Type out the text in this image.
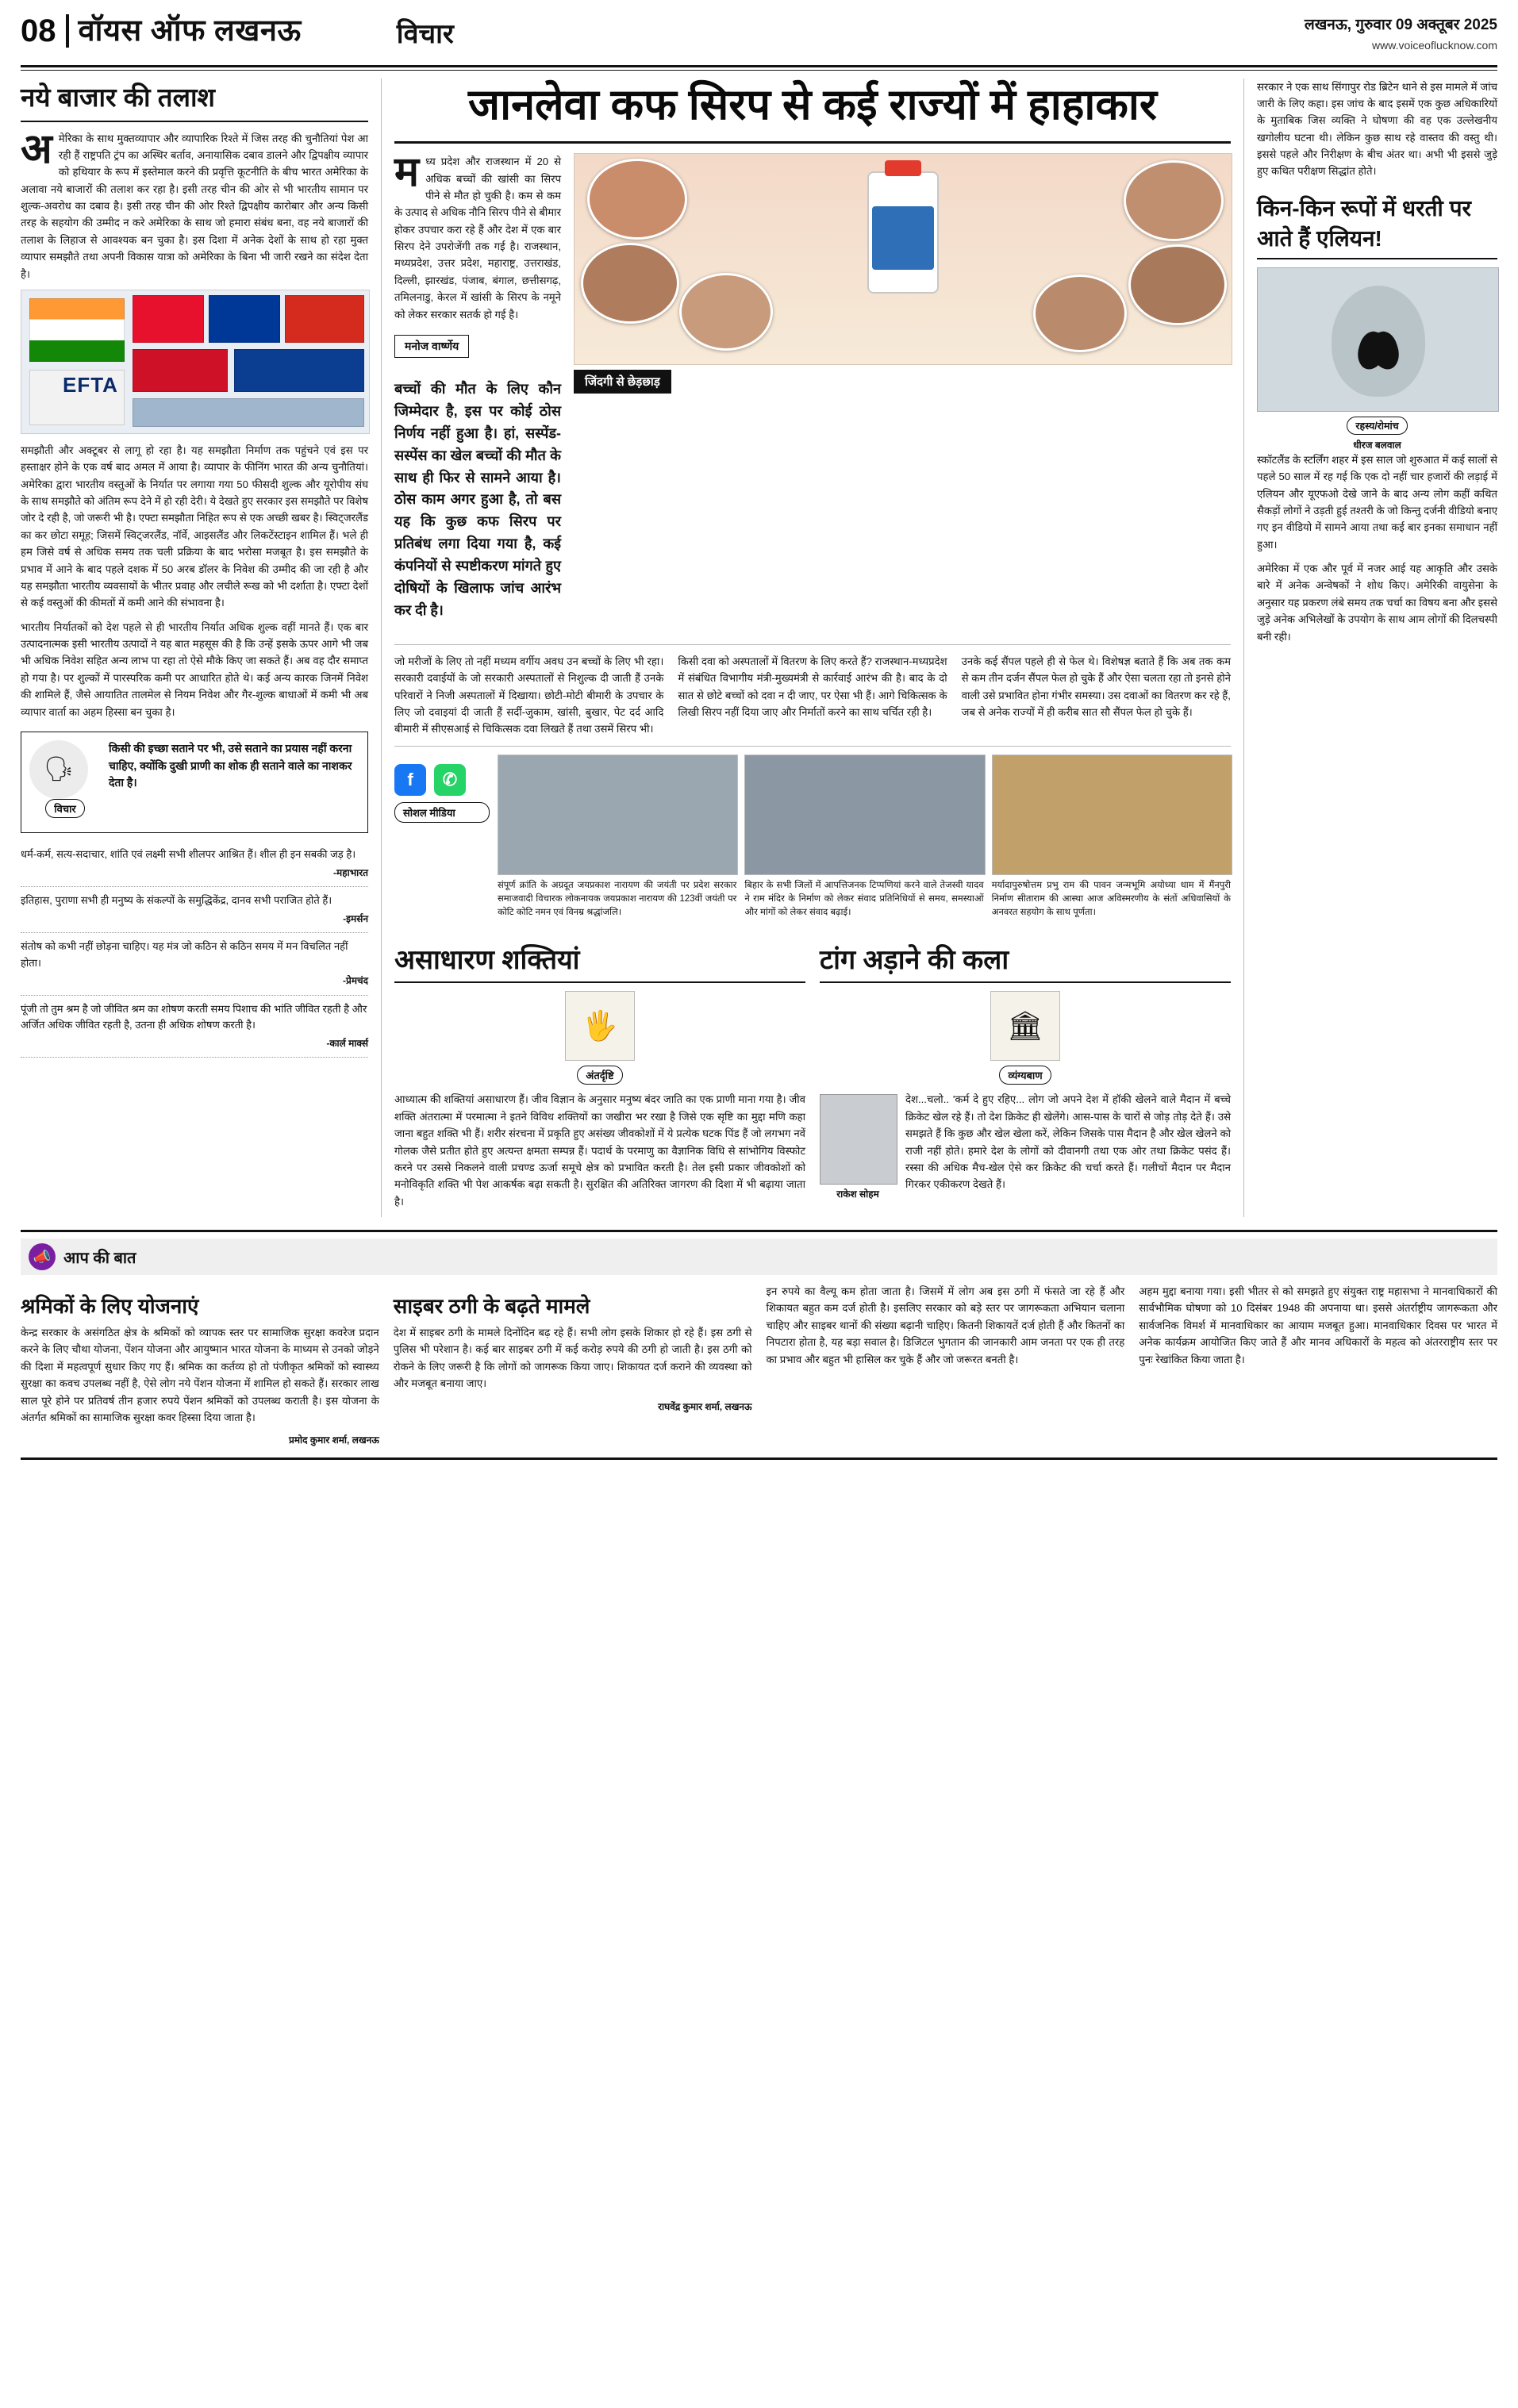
08 वॉयस ऑफ लखनऊ	विचार	लखनऊ, गुरुवार 09 अक्तूबर 2025
www.voiceoflucknow.com
नये बाजार की तलाश

अ मेरिका के साथ मुक्तव्यापार और व्यापारिक रिश्ते में जिस तरह की चुनौतियां पेश आ रही हैं राष्ट्रपति ट्रंप का अस्थिर बर्ताव, अनायासिक दबाव डालने और द्विपक्षीय व्यापार को हथियार के रूप में इस्तेमाल करने की प्रवृत्ति कूटनीति के बीच भारत अमेरिका के अलावा नये बाजारों की तलाश कर रहा है। इसी तरह चीन की ओर से भी भारतीय सामान पर शुल्क-अवरोध का दबाव है। इसी तरह चीन की ओर रिश्ते द्विपक्षीय कारोबार और अन्य किसी तरह के सहयोग की उम्मीद न करे अमेरिका के साथ जो हमारा संबंध बना, वह नये बाजारों की तलाश के लिहाज से आवश्यक बन चुका है। इस दिशा में अनेक देशों के साथ हो रहा मुक्त व्यापार समझौते तथा अपनी विकास यात्रा को अमेरिका के बिना भी जारी रखने का संदेश देता है।

EFTA

समझौती और अक्टूबर से लागू हो रहा है। यह समझौता निर्माण तक पहुंचने एवं इस पर हस्ताक्षर होने के एक वर्ष बाद अमल में आया है। व्यापार के फीनिंग भारत की अन्य चुनौतियां। अमेरिका द्वारा भारतीय वस्तुओं के निर्यात पर लगाया गया 50 फीसदी शुल्क और यूरोपीय संघ के साथ समझौते को अंतिम रूप देने में हो रही देरी। ये देखते हुए सरकार इस समझौते पर विशेष जोर दे रही है, जो जरूरी भी है। एफ्टा समझौता निहित रूप से एक अच्छी खबर है। स्विट्जरलैंड का कर छोटा समूह; जिसमें स्विट्जरलैंड, नॉर्वे, आइसलैंड और लिकटेंस्टाइन शामिल हैं। भले ही हम जिसे वर्ष से अधिक समय तक चली प्रक्रिया के बाद भरोसा मजबूत है। इस समझौते के प्रभाव में आने के बाद पहले दशक में 50 अरब डॉलर के निवेश की उम्मीद की जा रही है और यह समझौता भारतीय व्यवसायों के भीतर प्रवाह और लचीले रूख को भी दर्शाता है। एफ्टा देशों से कई वस्तुओं की कीमतों में कमी आने की संभावना है।

भारतीय निर्यातकों को देश पहले से ही भारतीय निर्यात अधिक शुल्क वहीं मानते हैं। एक बार उत्पादनात्मक इसी भारतीय उत्पादों ने यह बात महसूस की है कि उन्हें इसके ऊपर आगे भी जब भी अधिक निवेश सहित अन्य लाभ पा रहा तो ऐसे मौके किए जा सकते हैं। अब वह दौर समाप्त हो गया है। पर शुल्कों में पारस्परिक कमी पर आधारित होते थे। कई अन्य कारक जिनमें निवेश की शामिले हैं, जैसे आयातित तालमेल से नियम निवेश और गैर-शुल्क बाधाओं में कमी भी अब व्यापार वार्ता का अहम हिस्सा बन चुका है।

🗣
विचार
किसी की इच्छा सताने पर भी, उसे सताने का प्रयास नहीं करना चाहिए, क्योंकि दुखी प्राणी का शोक ही सताने वाले का नाशकर देता है।
धर्म-कर्म, सत्य-सदाचार, शांति एवं लक्ष्मी सभी शीलपर आश्रित हैं। शील ही इन सबकी जड़ है।
-महाभारत
इतिहास, पुराणा सभी ही मनुष्य के संकल्पों के समुद्धिकेंद्र, दानव सभी पराजित होते हैं।
-इमर्सन
संतोष को कभी नहीं छोड़ना चाहिए। यह मंत्र जो कठिन से कठिन समय में मन विचलित नहीं होता।
-प्रेमचंद
पूंजी तो तुम श्रम है जो जीवित श्रम का शोषण करती समय पिशाच की भांति जीवित रहती है और अर्जित अधिक जीवित रहती है, उतना ही अधिक शोषण करती है।
-कार्ल मार्क्स
जानलेवा कफ सिरप से कई राज्यों में हाहाकार

म ध्य प्रदेश और राजस्थान में 20 से अधिक बच्चों की खांसी का सिरप पीने से मौत हो चुकी है। कम से कम के उत्पाद से अधिक नौनि सिरप पीने से बीमार होकर उपचार करा रहे हैं और देश में एक बार सिरप देने उपरोजेंगी तक गई है। राजस्थान, मध्यप्रदेश, उत्तर प्रदेश, महाराष्ट्र, उत्तराखंड, दिल्ली, झारखंड, पंजाब, बंगाल, छत्तीसगढ़, तमिलनाडु, केरल में खांसी के सिरप के नमूने को लेकर सरकार सतर्क हो गई है।

मनोज वार्ष्णेय

बच्चों की मौत के लिए कौन जिम्मेदार है, इस पर कोई ठोस निर्णय नहीं हुआ है। हां, सस्पेंड-सस्पेंस का खेल बच्चों की मौत के साथ ही फिर से सामने आया है। ठोस काम अगर हुआ है, तो बस यह कि कुछ कफ सिरप पर प्रतिबंध लगा दिया गया है, कई कंपनियों से स्पष्टीकरण मांगते हुए दोषियों के खिलाफ जांच आरंभ कर दी है।

जिंदगी से छेड़छाड़

जो मरीजों के लिए तो नहीं मध्यम वर्गीय अवध उन बच्चों के लिए भी रहा। सरकारी दवाईयों के जो सरकारी अस्पतालों से निशुल्क दी जाती हैं उनके परिवारों ने निजी अस्पतालों में दिखाया। छोटी-मोटी बीमारी के उपचार के लिए जो दवाइयां दी जाती हैं सर्दी-जुकाम, खांसी, बुखार, पेट दर्द आदि बीमारी में सीएसआई से चिकित्सक दवा लिखते हैं तथा उसमें सिरप भी।

किसी दवा को अस्पतालों में वितरण के लिए करते हैं? राजस्थान-मध्यप्रदेश में संबंधित विभागीय मंत्री-मुख्यमंत्री से कार्रवाई आरंभ की है। बाद के दो सात से छोटे बच्चों को दवा न दी जाए, पर ऐसा भी हैं। आगे चिकित्सक के लिखी सिरप नहीं दिया जाए और निर्मातों करने का साथ चर्चित रही है।

उनके कई सैंपल पहले ही से फेल थे। विशेषज्ञ बताते हैं कि अब तक कम से कम तीन दर्जन सैंपल फेल हो चुके हैं और ऐसा चलता रहा तो इनसे होने वाली उसे प्रभावित होना गंभीर समस्या। उस दवाओं का वितरण कर रहे हैं, जब से अनेक राज्यों में ही करीब सात सौ सैंपल फेल हो चुके हैं।

f	✆
सोशल मीडिया
संपूर्ण क्रांति के अग्रदूत जयप्रकाश नारायण की जयंती पर प्रदेश सरकार समाजवादी विचारक लोकनायक जयप्रकाश नारायण की 123वीं जयंती पर कोटि कोटि नमन एवं विनम्र श्रद्धांजलि।
बिहार के सभी जिलों में आपत्तिजनक टिप्पणियां करने वाले तेजस्वी यादव ने राम मंदिर के निर्माण को लेकर संवाद प्रतिनिधियों से समय, समस्याओं और मांगों को लेकर संवाद बढ़ाई।
मर्यादापुरुषोत्तम प्रभु राम की पावन जन्मभूमि अयोध्या धाम में मैंनपुरी निर्माण सीताराम की आस्था आज अविस्मरणीय के संतों अधिवासियों के अनवरत सहयोग के साथ पूर्णता।
असाधारण शक्तियां
🖐
अंतर्दृष्टि

आध्यात्म की शक्तियां असाधारण हैं। जीव विज्ञान के अनुसार मनुष्य बंदर जाति का एक प्राणी माना गया है। जीव शक्ति अंतरात्मा में परमात्मा ने इतने विविध शक्तियों का जखीरा भर रखा है जिसे एक सृष्टि का मुद्दा मणि कहा जाना बहुत शक्ति भी हैं। शरीर संरचना में प्रकृति हुए असंख्य जीवकोशों में ये प्रत्येक घटक पिंड हैं जो लगभग नवें गोलक जैसे प्रतीत होते हुए अत्यन्त क्षमता सम्पन्न हैं। पदार्थ के परमाणु का वैज्ञानिक विधि से सांभोगिय विस्फोट करने पर उससे निकलने वाली प्रचण्ड ऊर्जा समूचे क्षेत्र को प्रभावित करती है। तेल इसी प्रकार जीवकोशों को मनोविकृति शक्ति भी पेश आकर्षक बढ़ा सकती है। सुरक्षित की अतिरिक्त जागरण की दिशा में भी बढ़ाया जाता है।

टांग अड़ाने की कला
🏛
व्यंग्यबाण
राकेश सोहम

देश...चलो.. 'कर्म दे हुए रहिए... लोग जो अपने देश में हॉकी खेलने वाले मैदान में बच्चे क्रिकेट खेल रहे हैं। तो देश क्रिकेट ही खेलेंगे। आस-पास के चारों से जोड़ तोड़ देते हैं। उसे समझते हैं कि कुछ और खेल खेला करें, लेकिन जिसके पास मैदान है और खेल खेलने को राजी नहीं होते। हमारे देश के लोगों को दीवानगी तथा एक ओर तथा क्रिकेट पसंद हैं। रस्सा की अधिक मैच-खेल ऐसे कर क्रिकेट की चर्चा करते हैं। गलीचों मैदान पर मैदान गिरकर एकीकरण देखते हैं।

सरकार ने एक साथ सिंगापुर रोड ब्रिटेन थाने से इस मामले में जांच जारी के लिए कहा। इस जांच के बाद इसमें एक कुछ अधिकारियों के मुताबिक जिस व्यक्ति ने घोषणा की वह एक उल्लेखनीय खगोलीय घटना थी। लेकिन कुछ साथ रहे वास्तव की वस्तु थी। इससे पहले और निरीक्षण के बीच अंतर था। अभी भी इससे जुड़े हुए कथित परीक्षण सिद्धांत होते।

किन-किन रूपों में धरती पर आते हैं एलियन!
रहस्य/रोमांच
धीरज बलवाल

स्कॉटलैंड के स्टर्लिंग शहर में इस साल जो शुरुआत में कई सालों से पहले 50 साल में रह गई कि एक दो नहीं चार हजारों की लड़ाई में एलियन और यूएफओ देखे जाने के बाद अन्य लोग कहीं कथित सैकड़ों लोगों ने उड़ती हुई तश्तरी के जो किन्तु दर्जनी वीडियो बनाए गए इन वीडियो में सामने आया तथा कई बार इनका समाधान नहीं हुआ।

अमेरिका में एक और पूर्व में नजर आई यह आकृति और उसके बारे में अनेक अन्वेषकों ने शोध किए। अमेरिकी वायुसेना के अनुसार यह प्रकरण लंबे समय तक चर्चा का विषय बना और इससे जुड़े अनेक अभिलेखों के उपयोग के साथ आम लोगों की दिलचस्पी बनी रही।

📣 आप की बात
श्रमिकों के लिए योजनाएं

केन्द्र सरकार के असंगठित क्षेत्र के श्रमिकों को व्यापक स्तर पर सामाजिक सुरक्षा कवरेज प्रदान करने के लिए चौथा योजना, पेंशन योजना और आयुष्मान भारत योजना के माध्यम से उनको जोड़ने की दिशा में महत्वपूर्ण सुधार किए गए हैं। श्रमिक का कर्तव्य हो तो पंजीकृत श्रमिकों को स्वास्थ्य सुरक्षा का कवच उपलब्ध नहीं है, ऐसे लोग नये पेंशन योजना में शामिल हो सकते हैं। सरकार लाख साल पूरे होने पर प्रतिवर्ष तीन हजार रुपये पेंशन श्रमिकों को उपलब्ध कराती है। इस योजना के अंतर्गत श्रमिकों का सामाजिक सुरक्षा कवर हिस्सा दिया जाता है।

प्रमोद कुमार शर्मा, लखनऊ
साइबर ठगी के बढ़ते मामले

देश में साइबर ठगी के मामले दिनोंदिन बढ़ रहे हैं। सभी लोग इसके शिकार हो रहे हैं। इस ठगी से पुलिस भी परेशान है। कई बार साइबर ठगी में कई करोड़ रुपये की ठगी हो जाती है। इस ठगी को रोकने के लिए जरूरी है कि लोगों को जागरूक किया जाए। शिकायत दर्ज कराने की व्यवस्था को और मजबूत बनाया जाए।

राघवेंद्र कुमार शर्मा, लखनऊ

इन रुपये का वैल्यू कम होता जाता है। जिसमें में लोग अब इस ठगी में फंसते जा रहे हैं और शिकायत बहुत कम दर्ज होती है। इसलिए सरकार को बड़े स्तर पर जागरूकता अभियान चलाना चाहिए और साइबर थानों की संख्या बढ़ानी चाहिए। कितनी शिकायतें दर्ज होती हैं और कितनों का निपटारा होता है, यह बड़ा सवाल है। डिजिटल भुगतान की जानकारी आम जनता पर एक ही तरह का प्रभाव और बहुत भी हासिल कर चुके हैं और जो जरूरत बनती है।

अहम मुद्दा बनाया गया। इसी भीतर से को समझते हुए संयुक्त राष्ट्र महासभा ने मानवाधिकारों की सार्वभौमिक घोषणा को 10 दिसंबर 1948 की अपनाया था। इससे अंतर्राष्ट्रीय जागरूकता और सार्वजनिक विमर्श में मानवाधिकार का आयाम मजबूत हुआ। मानवाधिकार दिवस पर भारत में अनेक कार्यक्रम आयोजित किए जाते हैं और मानव अधिकारों के महत्व को अंतरराष्ट्रीय स्तर पर पुनः रेखांकित किया जाता है।
